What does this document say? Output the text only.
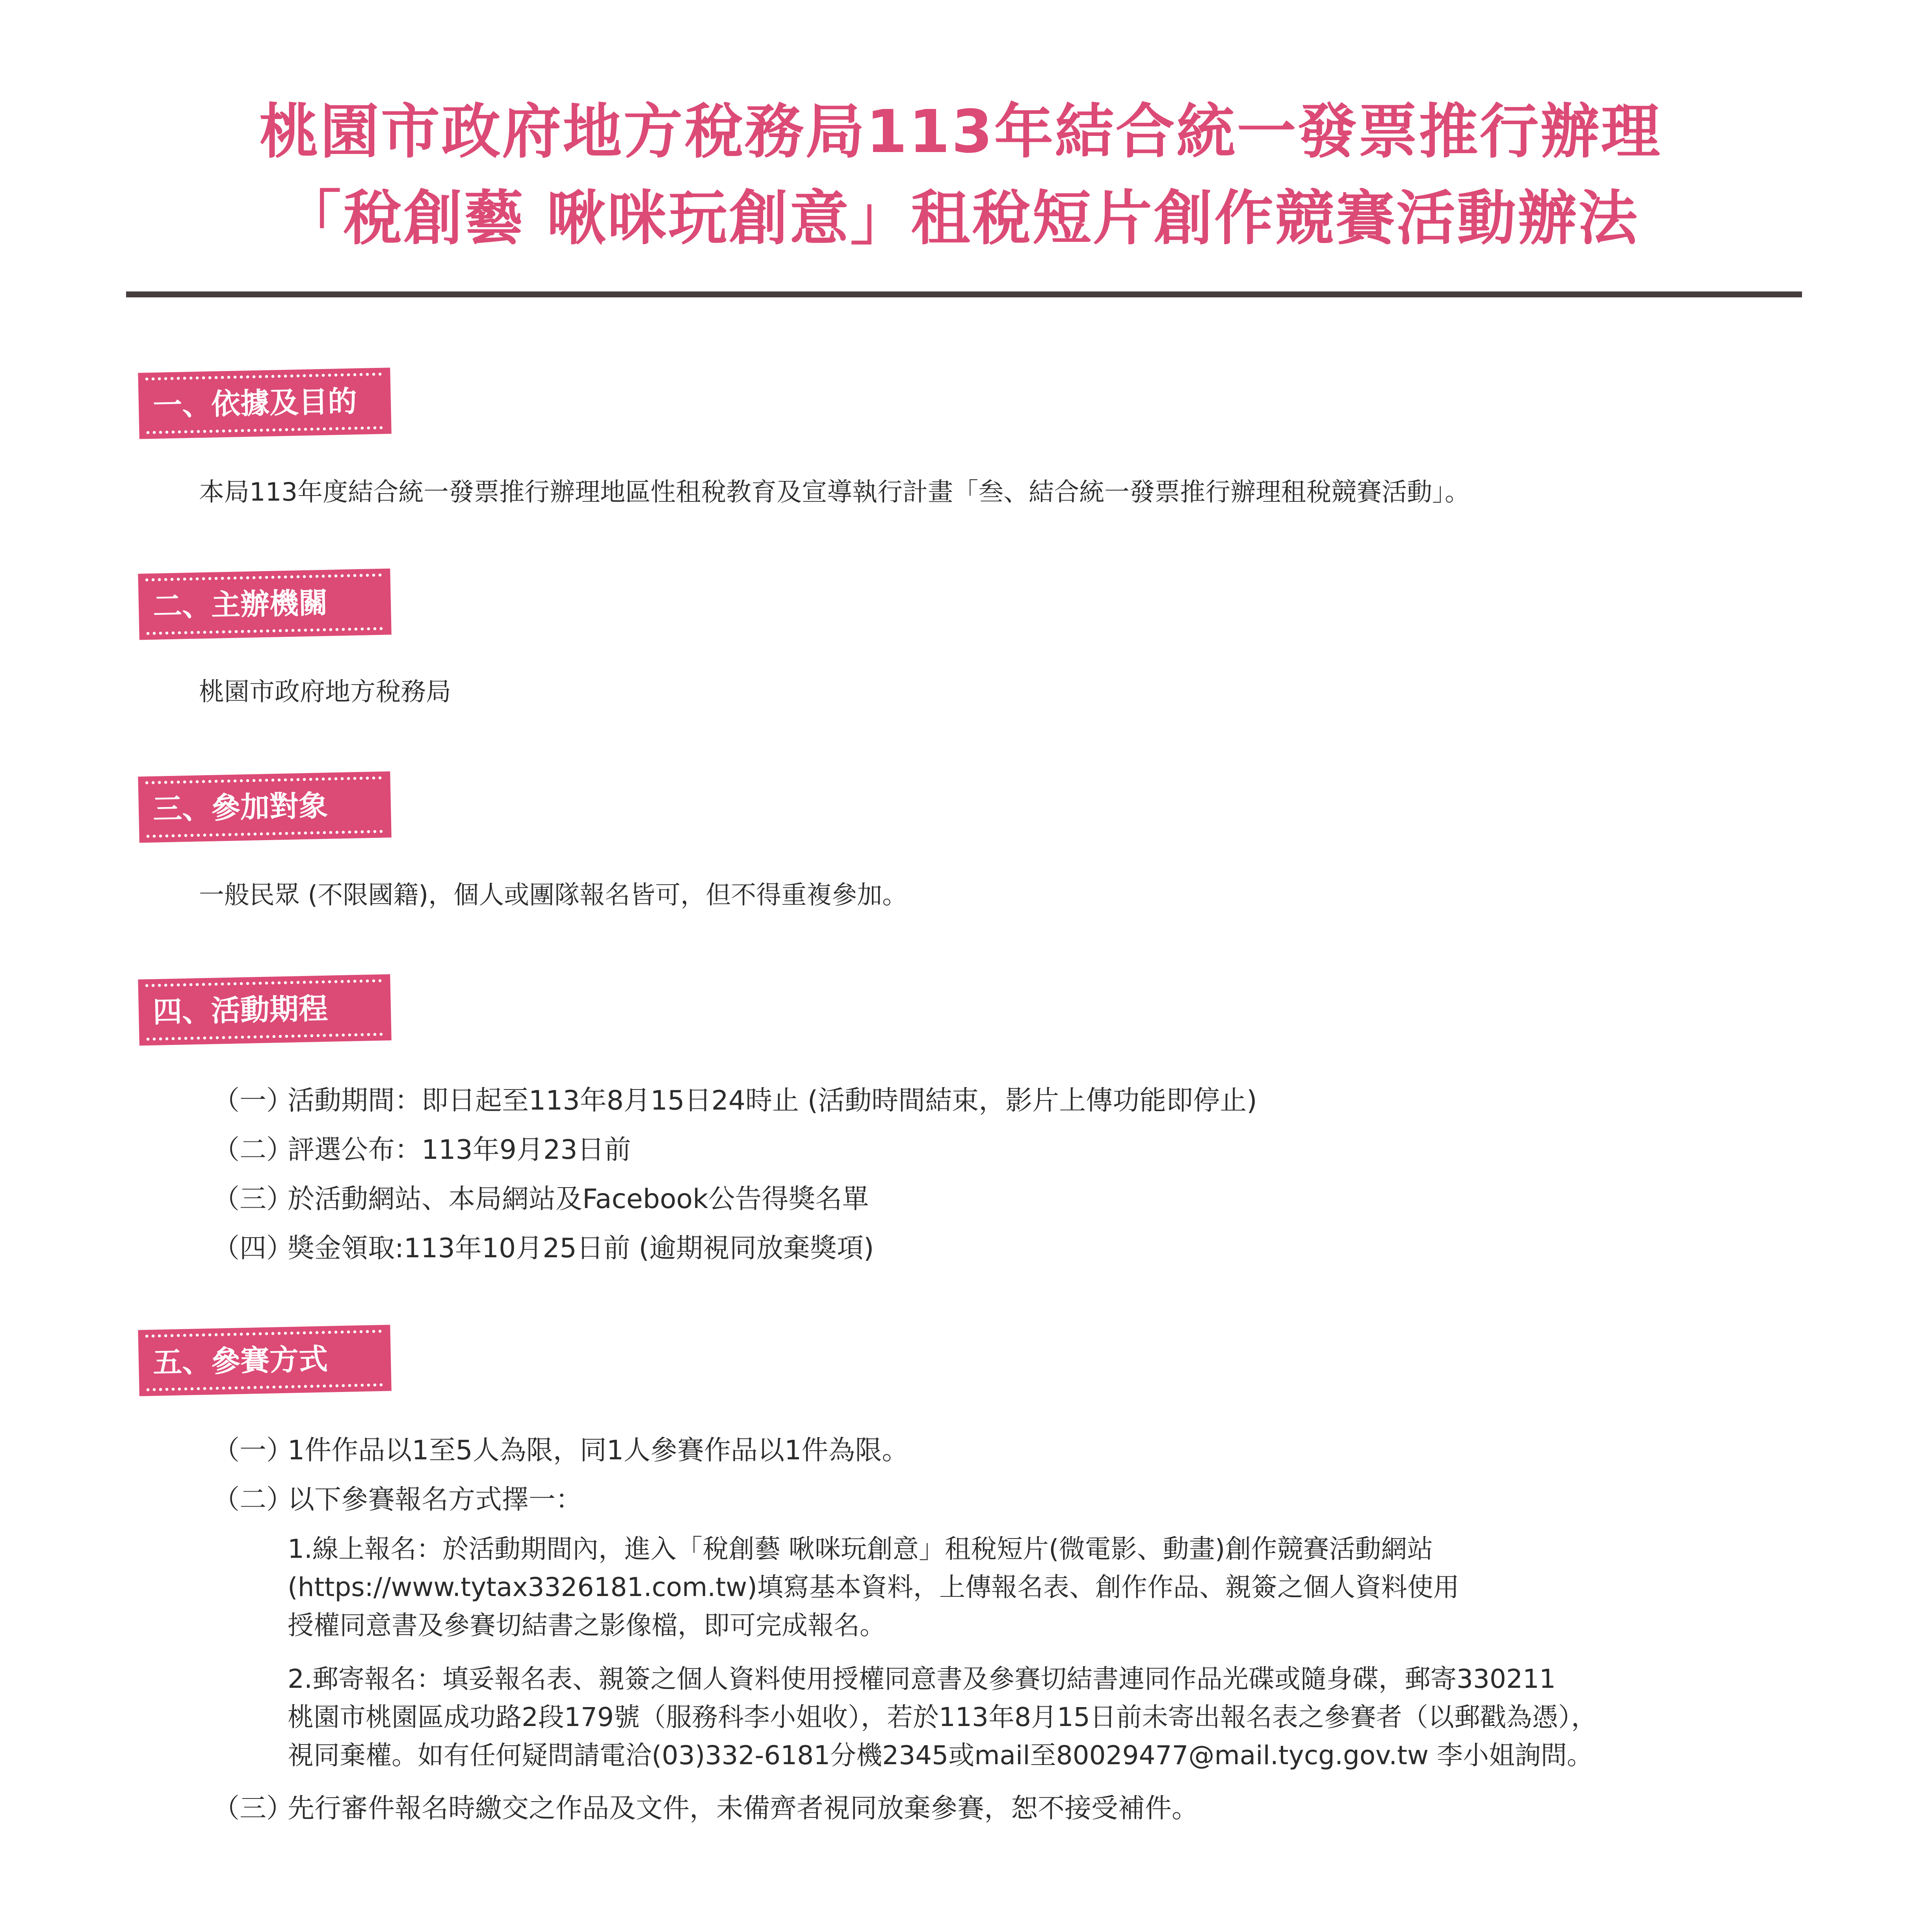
桃園市政府地方稅務局113年結合統一發票推行辦理
「稅創藝 啾咪玩創意」租稅短片創作競賽活動辦法
一、依據及目的
本局113年度結合統一發票推行辦理地區性租稅教育及宣導執行計畫「叁、結合統一發票推行辦理租稅競賽活動」。
二、主辦機關
桃園市政府地方稅務局
三、參加對象
一般民眾 (不限國籍)，個人或團隊報名皆可，但不得重複參加。
四、活動期程
（一）活動期間：即日起至113年8月15日24時止 (活動時間結束，影片上傳功能即停止)
（二）評選公布：113年9月23日前
（三）於活動網站、本局網站及Facebook公告得獎名單
（四）獎金領取:113年10月25日前 (逾期視同放棄獎項)
五、參賽方式
（一）1件作品以1至5人為限，同1人參賽作品以1件為限。
（二）以下參賽報名方式擇一：
1.線上報名：於活動期間內，進入「稅創藝 啾咪玩創意」租稅短片(微電影、動畫)創作競賽活動網站
(https://www.tytax3326181.com.tw)填寫基本資料，上傳報名表、創作作品、親簽之個人資料使用
授權同意書及參賽切結書之影像檔，即可完成報名。
2.郵寄報名：填妥報名表、親簽之個人資料使用授權同意書及參賽切結書連同作品光碟或隨身碟，郵寄330211
桃園市桃園區成功路2段179號（服務科李小姐收），若於113年8月15日前未寄出報名表之參賽者（以郵戳為憑），
視同棄權。如有任何疑問請電洽(03)332-6181分機2345或mail至80029477@mail.tycg.gov.tw 李小姐詢問。
（三）先行審件報名時繳交之作品及文件，未備齊者視同放棄參賽，恕不接受補件。
